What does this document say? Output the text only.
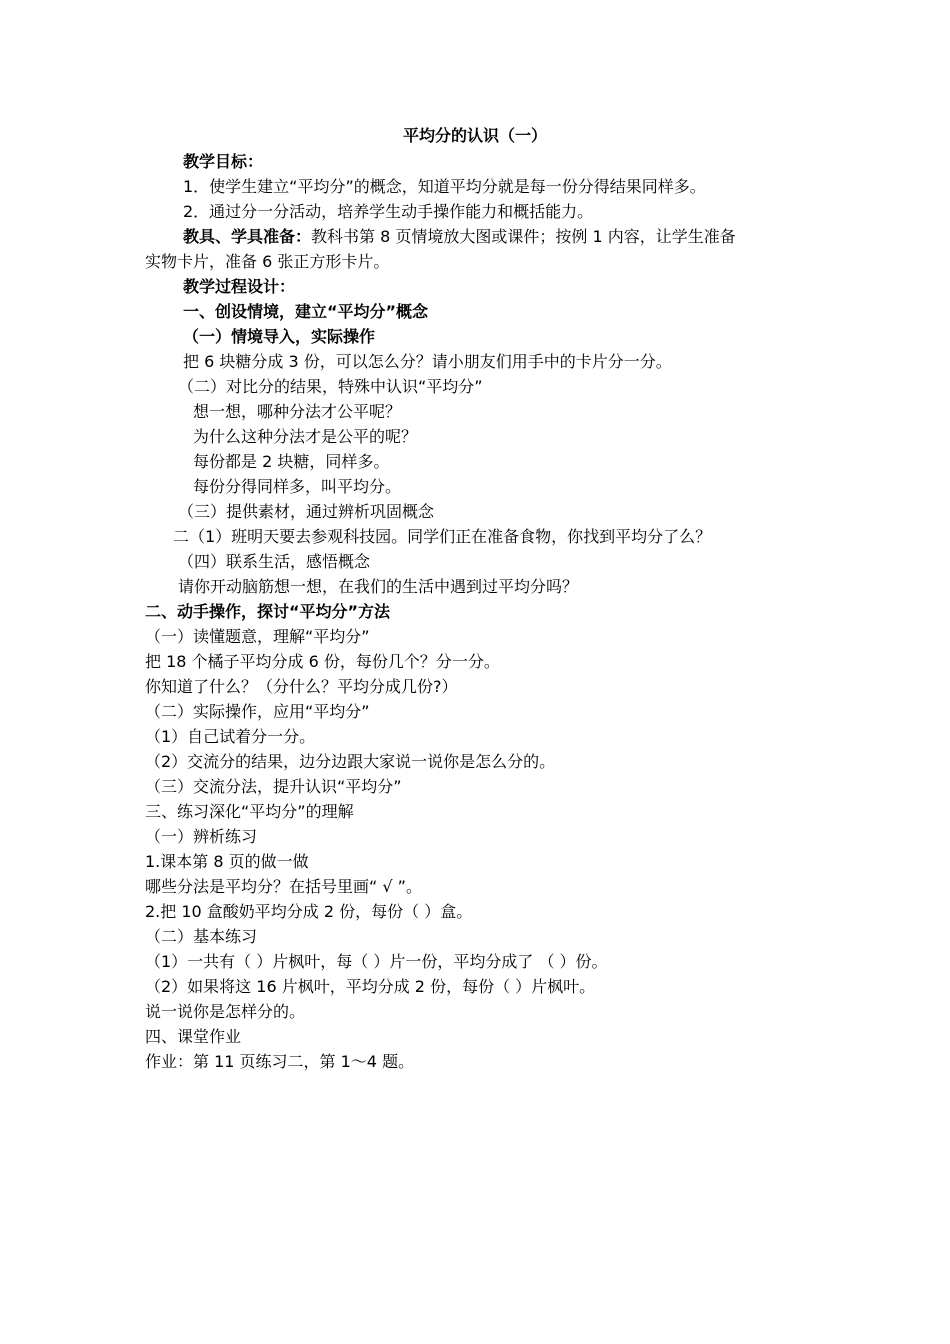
平均分的认识（一）
教学目标：
1．使学生建立“平均分”的概念，知道平均分就是每一份分得结果同样多。
2．通过分一分活动，培养学生动手操作能力和概括能力。
教具、学具准备：教科书第 8 页情境放大图或课件；按例 1 内容，让学生准备
实物卡片，准备 6 张正方形卡片。
教学过程设计：
一、创设情境，建立“平均分”概念
（一）情境导入，实际操作
把 6 块糖分成 3 份，可以怎么分？请小朋友们用手中的卡片分一分。
（二）对比分的结果，特殊中认识“平均分”
想一想，哪种分法才公平呢？
为什么这种分法才是公平的呢？
每份都是 2 块糖，同样多。
每份分得同样多，叫平均分。
（三）提供素材，通过辨析巩固概念
二（1）班明天要去参观科技园。同学们正在准备食物，你找到平均分了么？
（四）联系生活，感悟概念
请你开动脑筋想一想，在我们的生活中遇到过平均分吗？
二、动手操作，探讨“平均分”方法
（一）读懂题意，理解“平均分”
把 18 个橘子平均分成 6 份，每份几个？分一分。
你知道了什么？（分什么？平均分成几份?）
（二）实际操作，应用“平均分”
（1）自己试着分一分。
（2）交流分的结果，边分边跟大家说一说你是怎么分的。
（三）交流分法，提升认识“平均分”
三、练习深化“平均分”的理解
（一）辨析练习
1.课本第 8 页的做一做
哪些分法是平均分？在括号里画“ √ ”。
2.把 10 盒酸奶平均分成 2 份，每份（ ）盒。
（二）基本练习
（1）一共有（ ）片枫叶，每（ ）片一份，平均分成了 （ ）份。
（2）如果将这 16 片枫叶，平均分成 2 份，每份（ ）片枫叶。
说一说你是怎样分的。
四、课堂作业
作业：第 11 页练习二，第 1～4 题。
